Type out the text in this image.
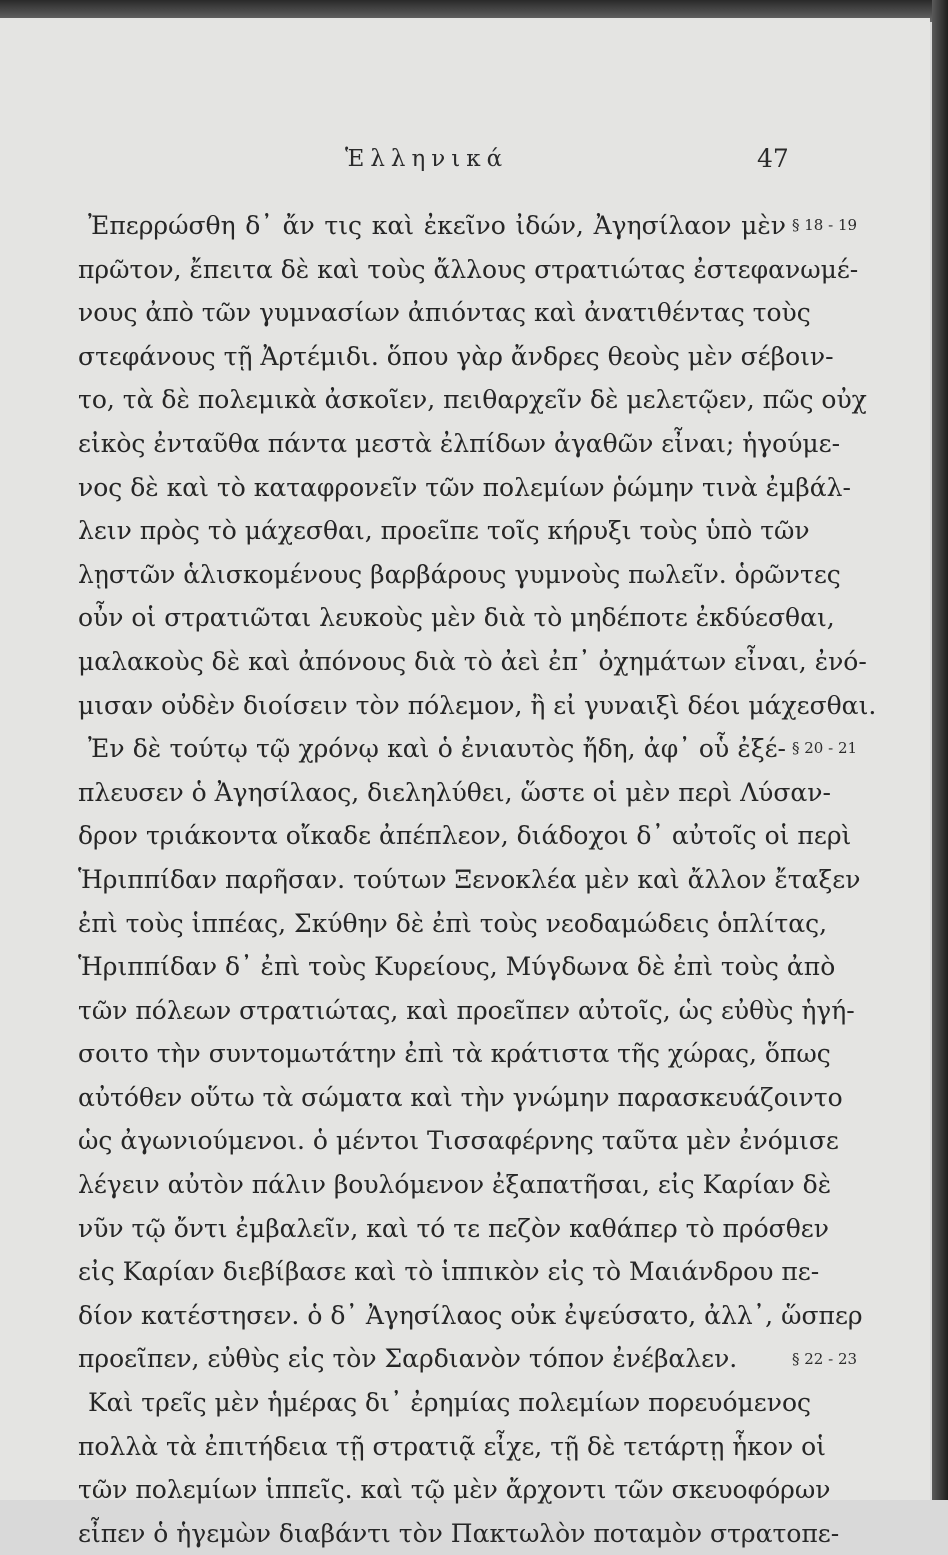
Ἑλληνικά	47
Ἐπερρώσθη δ᾽ ἄν τις καὶ ἐκεῖνο ἰδών, Ἀγησίλαον μὲν
πρῶτον, ἔπειτα δὲ καὶ τοὺς ἄλλους στρατιώτας ἐστεφανωμέ-
νους ἀπὸ τῶν γυμνασίων ἀπιόντας καὶ ἀνατιθέντας τοὺς
στεφάνους τῇ Ἀρτέμιδι. ὅπου γὰρ ἄνδρες θεοὺς μὲν σέβοιν-
το, τὰ δὲ πολεμικὰ ἀσκοῖεν, πειθαρχεῖν δὲ μελετῷεν, πῶς οὐχ
εἰκὸς ἐνταῦθα πάντα μεστὰ ἐλπίδων ἀγαθῶν εἶναι; ἡγούμε-
νος δὲ καὶ τὸ καταφρονεῖν τῶν πολεμίων ῥώμην τινὰ ἐμβάλ-
λειν πρὸς τὸ μάχεσθαι, προεῖπε τοῖς κήρυξι τοὺς ὑπὸ τῶν
λῃστῶν ἁλισκομένους βαρβάρους γυμνοὺς πωλεῖν. ὁρῶντες
οὖν οἱ στρατιῶται λευκοὺς μὲν διὰ τὸ μηδέποτε ἐκδύεσθαι,
μαλακοὺς δὲ καὶ ἀπόνους διὰ τὸ ἀεὶ ἐπ᾽ ὀχημάτων εἶναι, ἐνό-
μισαν οὐδὲν διοίσειν τὸν πόλεμον, ἢ εἰ γυναιξὶ δέοι μάχεσθαι.
Ἐν δὲ τούτῳ τῷ χρόνῳ καὶ ὁ ἐνιαυτὸς ἤδη, ἀφ᾽ οὗ ἐξέ-
πλευσεν ὁ Ἀγησίλαος, διεληλύθει, ὥστε οἱ μὲν περὶ Λύσαν-
δρον τριάκοντα οἴκαδε ἀπέπλεον, διάδοχοι δ᾽ αὐτοῖς οἱ περὶ
Ἡριππίδαν παρῆσαν. τούτων Ξενοκλέα μὲν καὶ ἄλλον ἔταξεν
ἐπὶ τοὺς ἱππέας, Σκύθην δὲ ἐπὶ τοὺς νεοδαμώδεις ὁπλίτας,
Ἡριππίδαν δ᾽ ἐπὶ τοὺς Κυρείους, Μύγδωνα δὲ ἐπὶ τοὺς ἀπὸ
τῶν πόλεων στρατιώτας, καὶ προεῖπεν αὐτοῖς, ὡς εὐθὺς ἡγή-
σοιτο τὴν συντομωτάτην ἐπὶ τὰ κράτιστα τῆς χώρας, ὅπως
αὐτόθεν οὕτω τὰ σώματα καὶ τὴν γνώμην παρασκευάζοιντο
ὡς ἀγωνιούμενοι. ὁ μέντοι Τισσαφέρνης ταῦτα μὲν ἐνόμισε
λέγειν αὐτὸν πάλιν βουλόμενον ἐξαπατῆσαι, εἰς Καρίαν δὲ
νῦν τῷ ὄντι ἐμβαλεῖν, καὶ τό τε πεζὸν καθάπερ τὸ πρόσθεν
εἰς Καρίαν διεβίβασε καὶ τὸ ἱππικὸν εἰς τὸ Μαιάνδρου πε-
δίον κατέστησεν. ὁ δ᾽ Ἀγησίλαος οὐκ ἐψεύσατο, ἀλλ᾽, ὥσπερ
προεῖπεν, εὐθὺς εἰς τὸν Σαρδιανὸν τόπον ἐνέβαλεν.
Καὶ τρεῖς μὲν ἡμέρας δι᾽ ἐρημίας πολεμίων πορευόμενος
πολλὰ τὰ ἐπιτήδεια τῇ στρατιᾷ εἶχε, τῇ δὲ τετάρτῃ ἧκον οἱ
τῶν πολεμίων ἱππεῖς. καὶ τῷ μὲν ἄρχοντι τῶν σκευοφόρων
εἶπεν ὁ ἡγεμὼν διαβάντι τὸν Πακτωλὸν ποταμὸν στρατοπε-
§ 18 - 19
§ 20 - 21
§ 22 - 23
